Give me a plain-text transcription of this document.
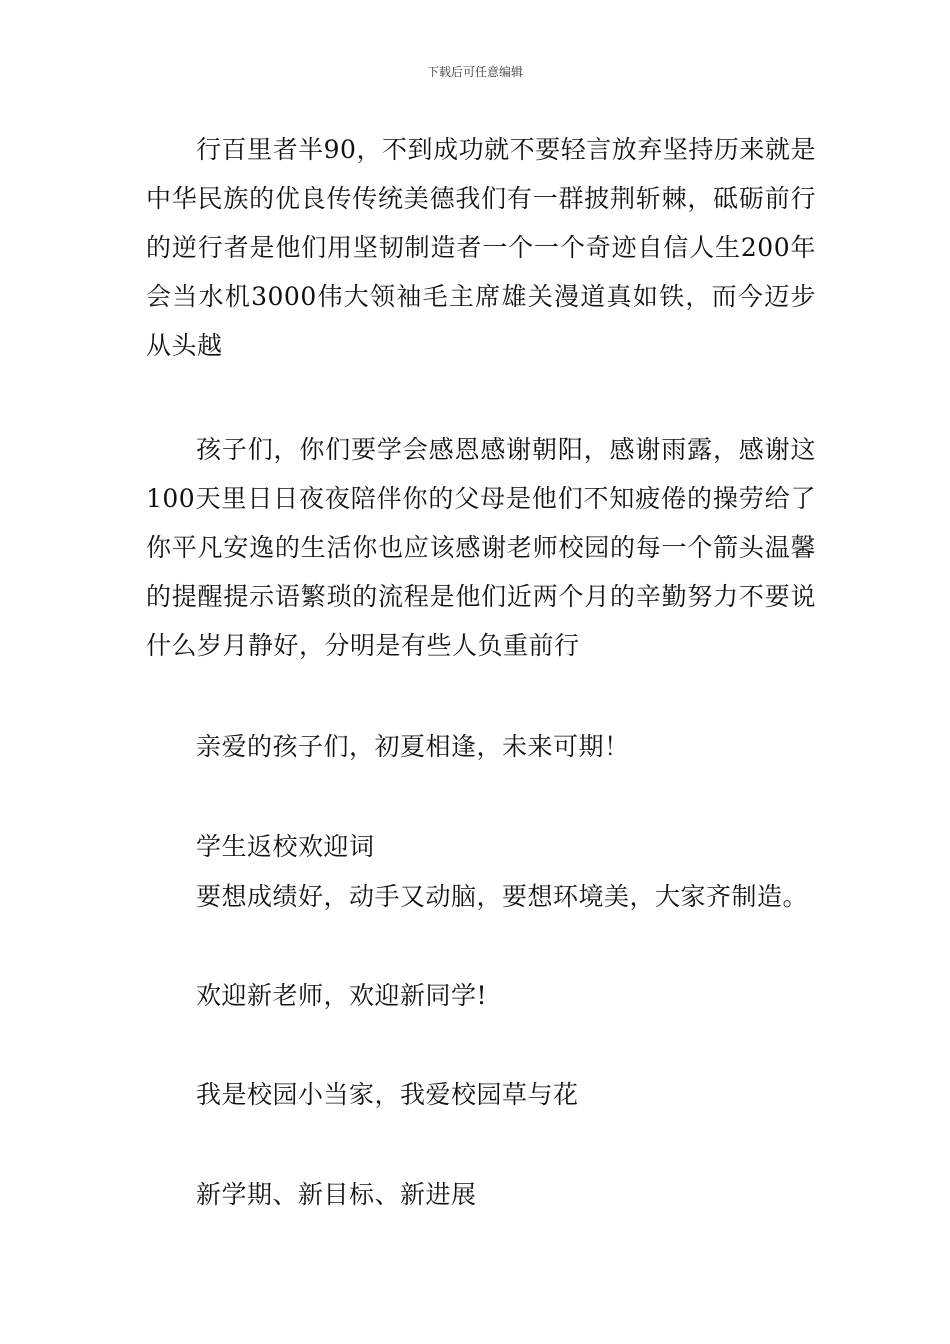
下载后可任意编辑

行百里者半90，不到成功就不要轻言放弃坚持历来就是中华民族的优良传传统美德我们有一群披荆斩棘，砥砺前行的逆行者是他们用坚韧制造者一个一个奇迹自信人生200年会当水机3000伟大领袖毛主席雄关漫道真如铁，而今迈步从头越

孩子们，你们要学会感恩感谢朝阳，感谢雨露，感谢这100天里日日夜夜陪伴你的父母是他们不知疲倦的操劳给了你平凡安逸的生活你也应该感谢老师校园的每一个箭头温馨的提醒提示语繁琐的流程是他们近两个月的辛勤努力不要说什么岁月静好，分明是有些人负重前行

亲爱的孩子们，初夏相逢，未来可期！

学生返校欢迎词

要想成绩好，动手又动脑，要想环境美，大家齐制造。

欢迎新老师，欢迎新同学!

我是校园小当家，我爱校园草与花

新学期、新目标、新进展
